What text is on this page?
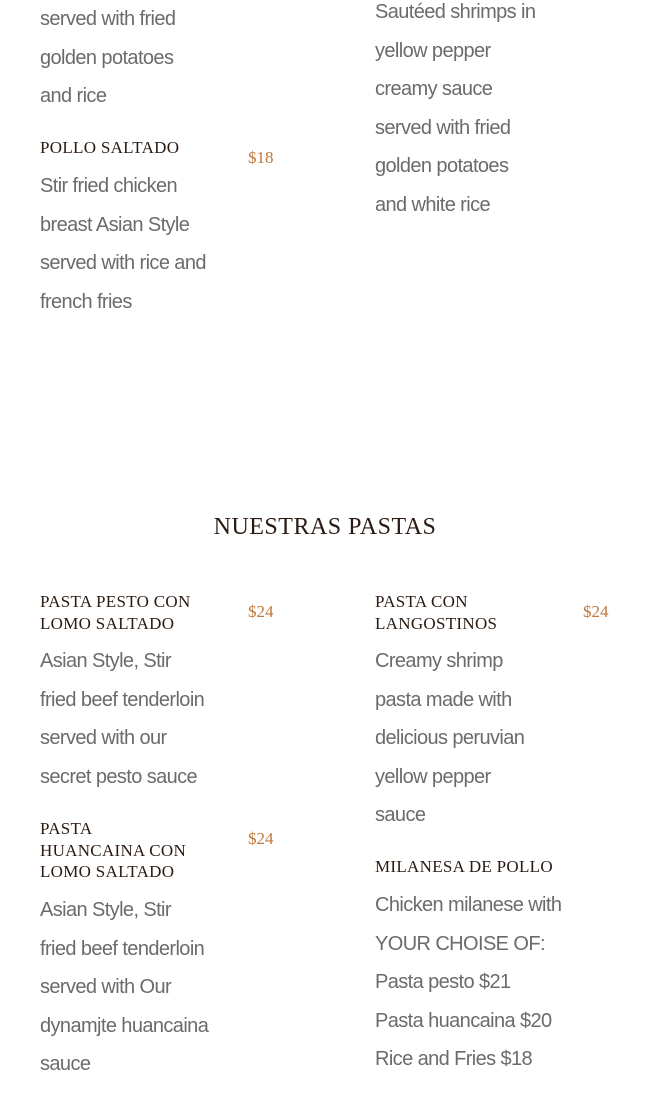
served with fried
golden potatoes
and rice
Sautéed shrimps in
yellow pepper
creamy sauce
served with fried
golden potatoes
and white rice
POLLO SALTADO
$18
Stir fried chicken
breast Asian Style
served with rice and
french fries
NUESTRAS PASTAS
PASTA PESTO CON
LOMO SALTADO
$24
Asian Style, Stir
fried beef tenderloin
served with our
secret pesto sauce
PASTA CON
LANGOSTINOS
$24
Creamy shrimp
pasta made with
delicious peruvian
yellow pepper
sauce
PASTA
HUANCAINA CON
LOMO SALTADO
$24
Asian Style, Stir
fried beef tenderloin
served with Our
dynamjte huancaina
sauce
MILANESA DE POLLO
Chicken milanese with
YOUR CHOISE OF:
Pasta pesto $21
Pasta huancaina $20
Rice and Fries $18
